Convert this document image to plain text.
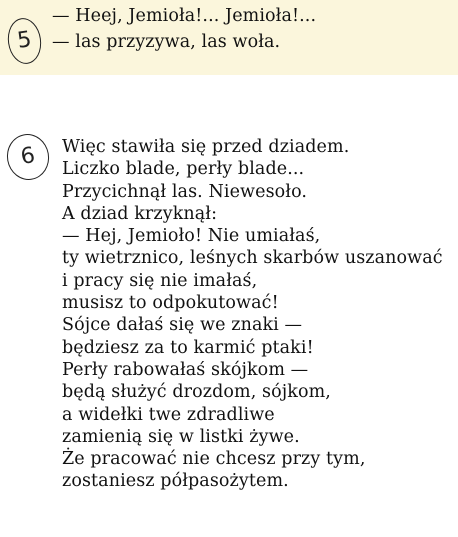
5
— Heej, Jemioła!... Jemioła!...
— las przyzywa, las woła.
6	Więc stawiła się przed dziadem.
Liczko blade, perły blade...
Przycichnął las. Niewesoło.
A dziad krzyknął:
— Hej, Jemioło! Nie umiałaś,
ty wietrznico, leśnych skarbów uszanować
i pracy się nie imałaś,
musisz to odpokutować!
Sójce dałaś się we znaki —
będziesz za to karmić ptaki!
Perły rabowałaś skójkom —
będą służyć drozdom, sójkom,
a widełki twe zdradliwe
zamienią się w listki żywe.
Że pracować nie chcesz przy tym,
zostaniesz półpasożytem.
